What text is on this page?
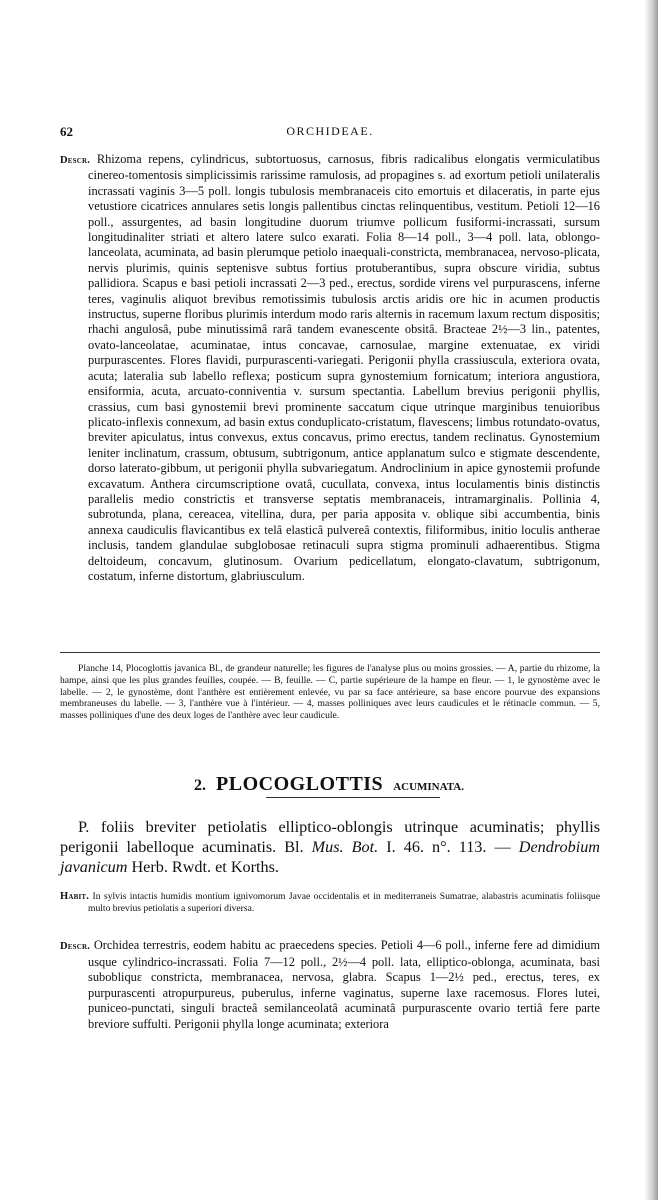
62	ORCHIDEAE.

Descr. Rhizoma repens, cylindricus, subtortuosus, carnosus, fibris radicalibus elongatis vermiculatibus cinereo-tomentosis simplicissimis rarissime ramulosis, ad propagines s. ad exortum petioli unilateralis incrassati vaginis 3—5 poll. longis tubulosis membranaceis cito emortuis et dilaceratis, in parte ejus vetustiore cicatrices annulares setis longis pallentibus cinctas relinquentibus, vestitum. Petioli 12—16 poll., assurgentes, ad basin longitudine duorum triumve pollicum fusiformi-incrassati, sursum longitudinaliter striati et altero latere sulco exarati. Folia 8—14 poll., 3—4 poll. lata, oblongo-lanceolata, acuminata, ad basin plerumque petiolo inaequali-constricta, membranacea, nervoso-plicata, nervis plurimis, quinis septenisve subtus fortius protuberantibus, supra obscure viridia, subtus pallidiora. Scapus e basi petioli incrassati 2—3 ped., erectus, sordide virens vel purpurascens, inferne teres, vaginulis aliquot brevibus remotissimis tubulosis arctis aridis ore hic in acumen productis instructus, superne floribus plurimis interdum modo raris alternis in racemum laxum rectum dispositis; rhachi angulosâ, pube minutissimâ rarâ tandem evanescente obsitâ. Bracteae 2½—3 lin., patentes, ovato-lanceolatae, acuminatae, intus concavae, carnosulae, margine extenuatae, ex viridi purpurascentes. Flores flavidi, purpurascenti-variegati. Perigonii phylla crassiuscula, exteriora ovata, acuta; lateralia sub labello reflexa; posticum supra gynostemium fornicatum; interiora angustiora, ensiformia, acuta, arcuato-conniventia v. sursum spectantia. Labellum brevius perigonii phyllis, crassius, cum basi gynostemii brevi prominente saccatum cique utrinque marginibus tenuioribus plicato-inflexis connexum, ad basin extus conduplicato-cristatum, flavescens; limbus rotundato-ovatus, breviter apiculatus, intus convexus, extus concavus, primo erectus, tandem reclinatus. Gynostemium leniter inclinatum, crassum, obtusum, subtrigonum, antice applanatum sulco e stigmate descendente, dorso laterato-gibbum, ut perigonii phylla subvariegatum. Androclinium in apice gynostemii profunde excavatum. Anthera circumscriptione ovatâ, cucullata, convexa, intus loculamentis binis distinctis parallelis medio constrictis et transverse septatis membranaceis, intramarginalis. Pollinia 4, subrotunda, plana, cereacea, vitellina, dura, per paria apposita v. oblique sibi accumbentia, binis annexa caudiculis flavicantibus ex telâ elasticâ pulvereâ contextis, filiformibus, initio loculis antherae inclusis, tandem glandulae subglobosae retinaculi supra stigma prominuli adhaerentibus. Stigma deltoideum, concavum, glutinosum. Ovarium pedicellatum, elongato-clavatum, subtrigonum, costatum, inferne distortum, glabriusculum.

Planche 14, Plocoglottis javanica Bl., de grandeur naturelle; les figures de l'analyse plus ou moins grossies. — A, partie du rhizome, la hampe, ainsi que les plus grandes feuilles, coupée. — B, feuille. — C, partie supérieure de la hampe en fleur. — 1, le gynostème avec le labelle. — 2, le gynostème, dont l'anthère est entièrement enlevée, vu par sa face antérieure, sa base encore pourvue des expansions membraneuses du labelle. — 3, l'anthère vue à l'intérieur. — 4, masses polliniques avec leurs caudicules et le rétinacle commun. — 5, masses polliniques d'une des deux loges de l'anthère avec leur caudicule.

2. PLOCOGLOTTIS ACUMINATA.

P. foliis breviter petiolatis elliptico-oblongis utrinque acuminatis; phyllis perigonii labelloque acuminatis. Bl. Mus. Bot. I. 46. n°. 113. — Dendrobium javanicum Herb. Rwdt. et Korths.

Habit. In sylvis intactis humidis montium ignivomorum Javae occidentalis et in mediterraneis Sumatrae, alabastris acuminatis foliisque multo brevius petiolatis a superiori diversa.

Descr. Orchidea terrestris, eodem habitu ac praecedens species. Petioli 4—6 poll., inferne fere ad dimidium usque cylindrico-incrassati. Folia 7—12 poll., 2½—4 poll. lata, elliptico-oblonga, acuminata, basi subobliquε constricta, membranacea, nervosa, glabra. Scapus 1—2½ ped., erectus, teres, ex purpurascenti atropurpureus, puberulus, inferne vaginatus, superne laxe racemosus. Flores lutei, puniceo-punctati, singuli bracteâ semilanceolatâ acuminatâ purpurascente ovario tertiâ fere parte breviore suffulti. Perigonii phylla longe acuminata; exteriora
